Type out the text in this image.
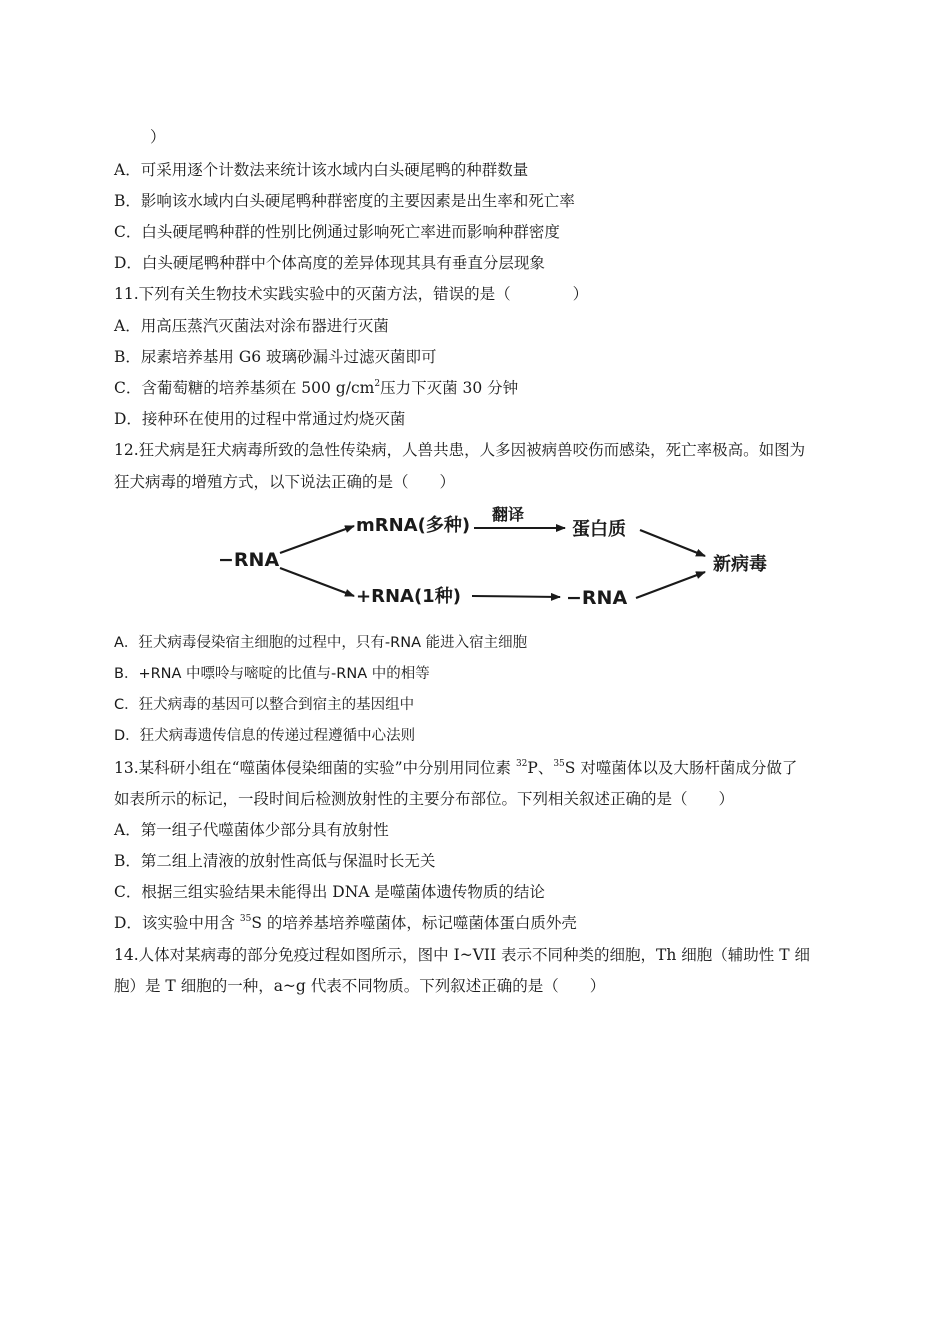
）
A．可采用逐个计数法来统计该水域内白头硬尾鸭的种群数量
B．影响该水域内白头硬尾鸭种群密度的主要因素是出生率和死亡率
C．白头硬尾鸭种群的性别比例通过影响死亡率进而影响种群密度
D．白头硬尾鸭种群中个体高度的差异体现其具有垂直分层现象
11.下列有关生物技术实践实验中的灭菌方法，错误的是（　　　　）
A．用高压蒸汽灭菌法对涂布器进行灭菌
B．尿素培养基用 G6 玻璃砂漏斗过滤灭菌即可
C．含葡萄糖的培养基须在 500 $g/cm^2$压力下灭菌 30 分钟
D．接种环在使用的过程中常通过灼烧灭菌
12.狂犬病是狂犬病毒所致的急性传染病，人兽共患，人多因被病兽咬伤而感染，死亡率极高。如图为
狂犬病毒的增殖方式，以下说法正确的是（　　）
−RNA
mRNA(多种)
翻译
蛋白质
+RNA(1种)	−RNA
新病毒
A．狂犬病毒侵染宿主细胞的过程中，只有-RNA 能进入宿主细胞
B．+RNA 中嘌呤与嘧啶的比值与-RNA 中的相等
C．狂犬病毒的基因可以整合到宿主的基因组中
D．狂犬病毒遗传信息的传递过程遵循中心法则
13.某科研小组在“噬菌体侵染细菌的实验”中分别用同位素 $^{32}$P、$^{35}$S 对噬菌体以及大肠杆菌成分做了
如表所示的标记，一段时间后检测放射性的主要分布部位。下列相关叙述正确的是（　　）
A．第一组子代噬菌体少部分具有放射性
B．第二组上清液的放射性高低与保温时长无关
C．根据三组实验结果未能得出 DNA 是噬菌体遗传物质的结论
D．该实验中用含 $^{35}$S 的培养基培养噬菌体，标记噬菌体蛋白质外壳
14.人体对某病毒的部分免疫过程如图所示，图中 I~VII 表示不同种类的细胞，Th 细胞（辅助性 T 细
胞）是 T 细胞的一种，a~g 代表不同物质。下列叙述正确的是（　　）
